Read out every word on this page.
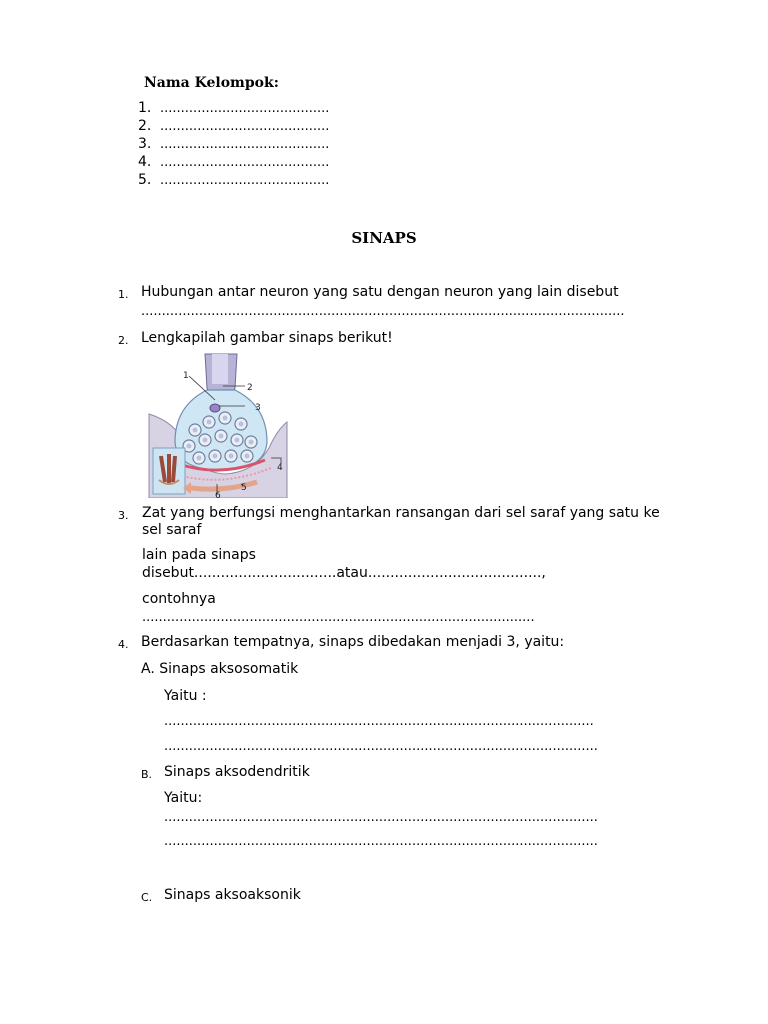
Nama Kelompok:
1. .........................................
2. .........................................
3. .........................................
4. .........................................
5. .........................................
SINAPS
1. Hubungan antar neuron yang satu dengan neuron yang lain disebut
.....................................................................................................................
2. Lengkapilah gambar sinaps berikut!
1
2
3
4
5
6
3. Zat yang berfungsi menghantarkan ransangan dari sel saraf yang satu ke
sel saraf
lain pada sinaps
disebut................................atau.......................................,
contohnya
...............................................................................................
4. Berdasarkan tempatnya, sinaps dibedakan menjadi 3, yaitu:
A. Sinaps aksosomatik
Yaitu :
........................................................................................................
.........................................................................................................
B. Sinaps aksodendritik
Yaitu:
.........................................................................................................
.........................................................................................................
C. Sinaps aksoaksonik
